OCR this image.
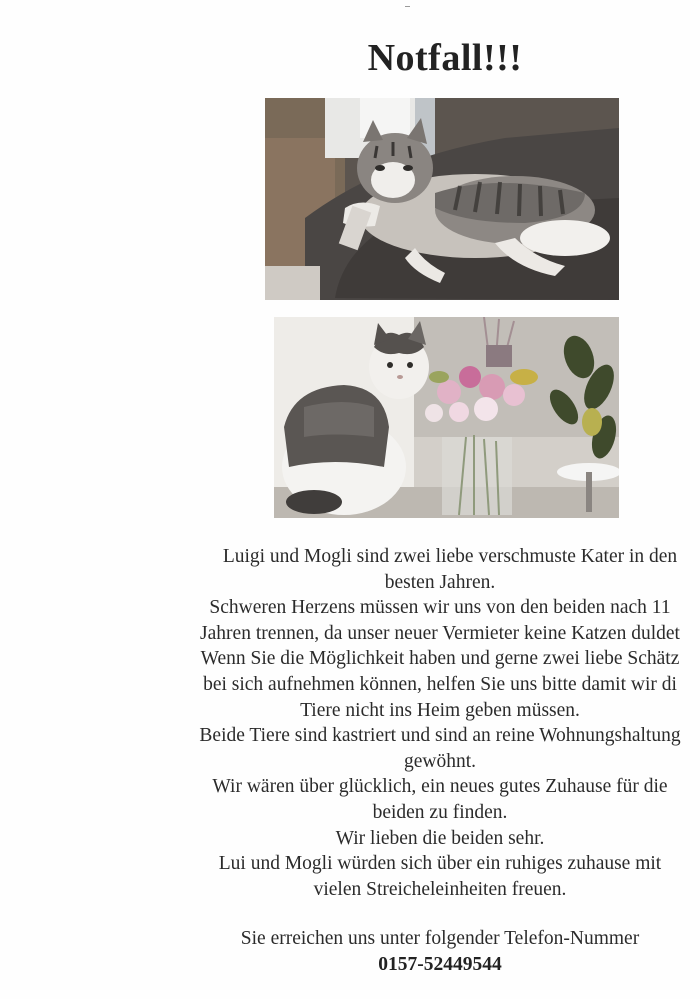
Notfall!!!
Luigi und Mogli sind zwei liebe verschmuste Kater in den
besten Jahren.
Schweren Herzens müssen wir uns von den beiden nach 11
Jahren trennen, da unser neuer Vermieter keine Katzen duldet
Wenn Sie die Möglichkeit haben und gerne zwei liebe Schätz
bei sich aufnehmen können, helfen Sie uns bitte damit wir di
Tiere nicht ins Heim geben müssen.
Beide Tiere sind kastriert und sind an reine Wohnungshaltung
gewöhnt.
Wir wären über glücklich, ein neues gutes Zuhause für die
beiden zu finden.
Wir lieben die beiden sehr.
Lui und Mogli würden sich über ein ruhiges zuhause mit
vielen Streicheleinheiten freuen.
Sie erreichen uns unter folgender Telefon-Nummer
0157-52449544
